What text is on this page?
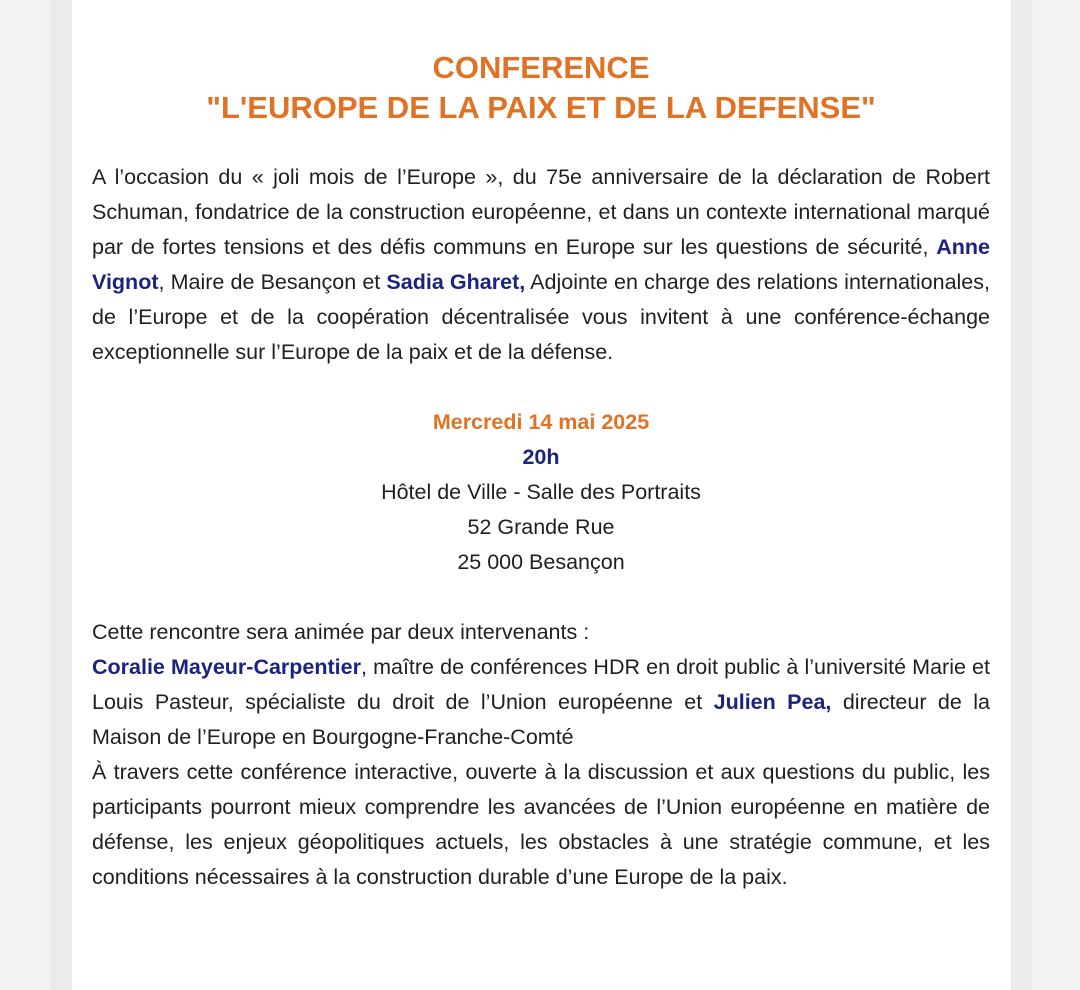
CONFERENCE
"L'EUROPE DE LA PAIX ET DE LA DEFENSE"

A l’occasion du « joli mois de l’Europe », du 75e anniversaire de la déclaration de Robert Schuman, fondatrice de la construction européenne, et dans un contexte international marqué par de fortes tensions et des défis communs en Europe sur les questions de sécurité, Anne Vignot, Maire de Besançon et Sadia Gharet, Adjointe en charge des relations internationales, de l’Europe et de la coopération décentralisée vous invitent à une conférence-échange exceptionnelle sur l’Europe de la paix et de la défense.

Mercredi 14 mai 2025
20h
Hôtel de Ville - Salle des Portraits
52 Grande Rue
25 000 Besançon

Cette rencontre sera animée par deux intervenants :

Coralie Mayeur-Carpentier, maître de conférences HDR en droit public à l’université Marie et Louis Pasteur, spécialiste du droit de l’Union européenne et Julien Pea, directeur de la Maison de l’Europe en Bourgogne-Franche-Comté

À travers cette conférence interactive, ouverte à la discussion et aux questions du public, les participants pourront mieux comprendre les avancées de l’Union européenne en matière de défense, les enjeux géopolitiques actuels, les obstacles à une stratégie commune, et les conditions nécessaires à la construction durable d’une Europe de la paix.
